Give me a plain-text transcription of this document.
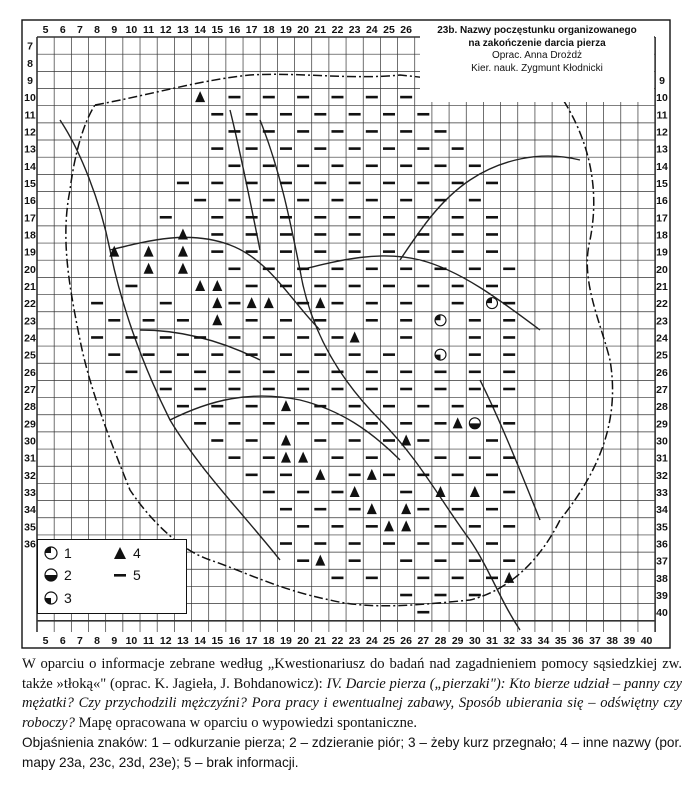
5 6 7 8 9 10 11 12 13 14 15 16 17 18 19 20 21 22 23 24 25 26
5 6 7 8 9 10 11 12 13 14 15 16 17 18 19 20 21 22 23 24 25 26 27 28 29 30 31 32 33 34 35 36 37 38 39 40
7
8
9
10
11
12
13
14
15
16
17
18
19
20
21
22
23
24
25
26
27
28
29
30
31
32
33
34
35
36
9
10
11
12
13
14
15
16
17
18
19
20
21
22
23
24
25
26
27
28
29
30
31
32
33
34
35
36
37
38
39
40
23b. Nazwy poczęstunku organizowanego
na zakończenie darcia pierza
Oprac. Anna Drożdż
Kier. nauk. Zygmunt Kłodnicki
1
2
3
4
5

W oparciu o informacje zebrane według „Kwestionariusz do badań nad zagadnieniem pomocy sąsiedzkiej zw. także »tłoką«" (oprac. K. Jagieła, J. Bohdanowicz): IV. Darcie pierza („pierzaki"): Kto bierze udział – panny czy mężatki? Czy przychodzili mężczyźni? Pora pracy i ewentualnej zabawy, Sposób ubierania się – odświętny czy roboczy? Mapę opracowana w oparciu o wypowiedzi spontaniczne.

Objaśnienia znaków: 1 – odkurzanie pierza; 2 – zdzieranie piór; 3 – żeby kurz przegnało; 4 – inne nazwy (por. mapy 23a, 23c, 23d, 23e); 5 – brak informacji.
